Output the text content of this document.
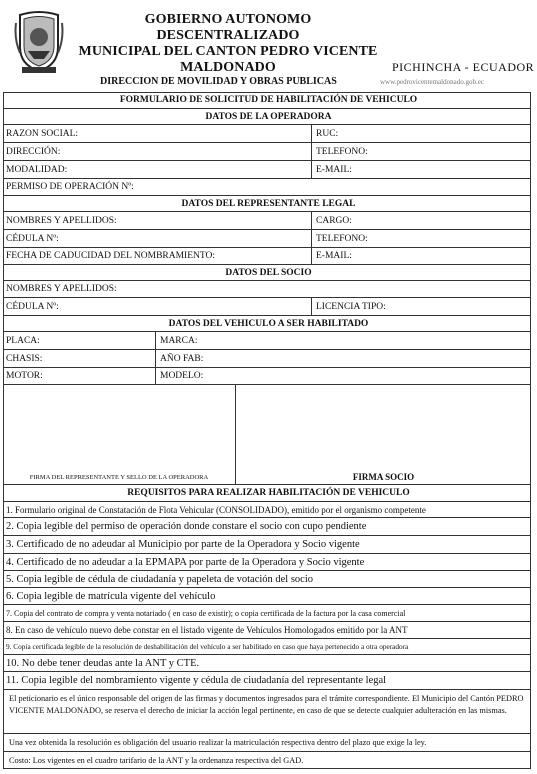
GOBIERNO AUTONOMO DESCENTRALIZADO
MUNICIPAL DEL CANTON PEDRO VICENTE
MALDONADO	PICHINCHA - ECUADOR
DIRECCION DE MOVILIDAD Y OBRAS PUBLICAS	www.pedrovicentemaldonado.gob.ec
FORMULARIO DE SOLICITUD DE HABILITACIÓN DE VEHICULO
DATOS DE LA OPERADORA
RAZON SOCIAL:	RUC:
DIRECCIÓN:	TELEFONO:
MODALIDAD:	E-MAIL:
PERMISO DE OPERACIÓN Nº:
DATOS DEL REPRESENTANTE LEGAL
NOMBRES Y APELLIDOS:	CARGO:
CÉDULA Nº:	TELEFONO:
FECHA DE CADUCIDAD DEL NOMBRAMIENTO:	E-MAIL:
DATOS DEL SOCIO
NOMBRES Y APELLIDOS:
CÉDULA Nº:	LICENCIA TIPO:
DATOS DEL VEHICULO A SER HABILITADO
PLACA:	MARCA:
CHASIS:	AÑO FAB:
MOTOR:	MODELO:
FIRMA DEL REPRESENTANTE Y SELLO DE LA OPERADORA	FIRMA SOCIO
REQUISITOS PARA REALIZAR HABILITACIÓN DE VEHICULO
1. Formulario original de Constatación de Flota Vehicular (CONSOLIDADO), emitido por el organismo competente
2. Copia legible del permiso de operación donde constare el socio con cupo pendiente
3. Certificado de no adeudar al Municipio por parte de la Operadora y Socio vigente
4. Certificado de no adeudar a la EPMAPA por parte de la Operadora y Socio vigente
5. Copia legible de cédula de ciudadanía y papeleta de votación del socio
6. Copia legible de matrícula vigente del vehículo
7. Copia del contrato de compra y venta notariado ( en caso de existir); o copia certificada de la factura por la casa comercial
8. En caso de vehículo nuevo debe constar en el listado vigente de Vehículos Homologados emitido por la ANT
9. Copia certificada legible de la resolución de deshabilitación del vehículo a ser habilitado en caso que haya pertenecido a otra operadora
10. No debe tener deudas ante la ANT y CTE.
11. Copia legible del nombramiento vigente y cédula de ciudadanía del representante legal
El peticionario es el único responsable del origen de las firmas y documentos ingresados para el trámite correspondiente. El Municipio del Cantón PEDRO VICENTE MALDONADO, se reserva el derecho de iniciar la acción legal pertinente, en caso de que se detecte cualquier adulteración en las mismas.
Una vez obtenida la resolución es obligación del usuario realizar la matriculación respectiva dentro del plazo que exige la ley.
Costo: Los vigentes en el cuadro tarifario de la ANT y la ordenanza respectiva del GAD.
